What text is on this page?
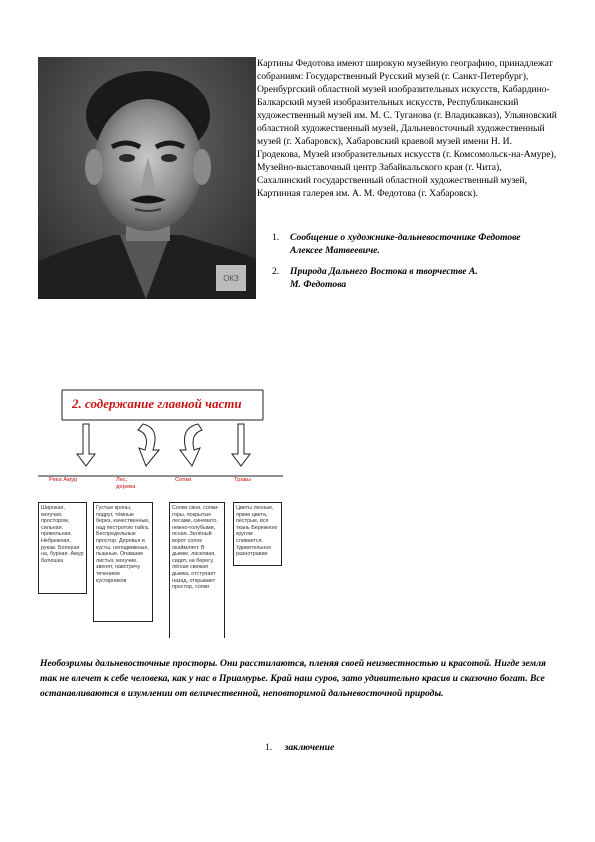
ОКЗ
Картины Федотова имеют широкую музейную географию, принадлежат собраниям: Государственный Русский музей (г. Санкт-Петербург), Оренбургский областной музей изобразительных искусств, Кабардино-Балкарский музей изобразительных искусств, Республиканский художественный музей им. М. С. Туганова (г. Владикавказ), Ульяновский областной художественный музей, Дальневосточный художественный музей (г. Хабаровск), Хабаровский краевой музей имени Н. И. Гродекова, Музей изобразительных искусств (г. Комсомольск-на-Амуре), Музейно-выставочный центр Забайкальского края (г. Чита), Сахалинский государственный областной художественный музей, Картинная галерея им. А. М. Федотова (г. Хабаровск).
1. Сообщение о художнике-дальневосточнике Федотове
Алексее Матвеевиче.
2. Природа Дальнего Востока в творчестве А.
М. Федотова
2. содержание главной части
Река Амур	Лес,
дерева
Сопки	Травы
Широкая, могучая, простором, сильная, привольная. Небрежная, рукав. Болерая на, бурная. Амур батюшка
Густые кроны, подруг, тёмные берез, качественные, над пестротою тайга. Беспредельные простор. Деревья и кусты, неподвижные, пышные. Опавшие листья, могучие, звенят, навстречу течением кустарников
Сопки свои, сопки-горы, покрытые лесами, синевато, нежно-голубыми, ясная. Зелёный ворот сопок окаймляет. В дымке, ласковая, сидит, на берегу, лёгкая свежая дымка, отступает назад, открывает простор, сопки
Цветы лесные, яркие цвета, пёстрые, вся ткань Бережною кругом сливается. Удивительное разнотравие
Необозримы дальневосточные просторы. Они расстилаются, пленяя своей неизвестностью и красотой. Нигде земля так не влечет к себе человека, как у нас в Приамурье. Край наш суров, зато удивительно красив и сказочно богат. Все останавливаются в изумлении от величественной, неповторимой дальневосточной природы.
1. заключение
